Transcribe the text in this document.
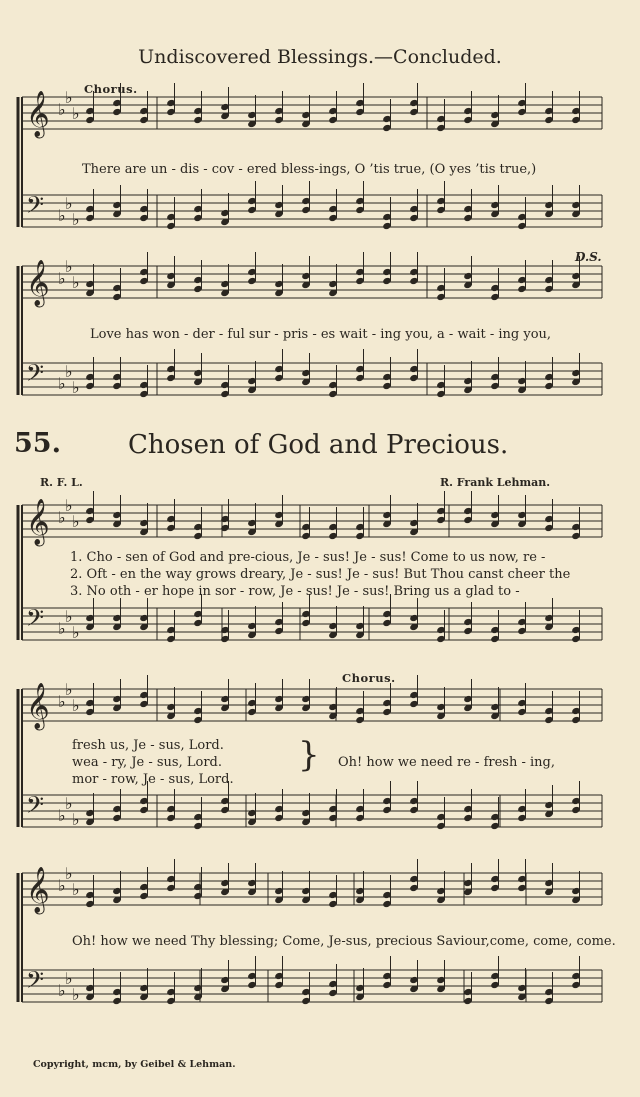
Undiscovered Blessings.—Concluded.
Chorus.
𝄞 ♭
♭
♭
𝄢 ♭
♭
♭
𝄞 ♭
♭
♭
𝄢 ♭
♭
♭
𝄞 ♭
♭
♭
𝄢 ♭
♭
♭
𝄞 ♭
♭
♭
𝄢 ♭
♭
♭
𝄞 ♭
♭
♭
𝄢 ♭
♭
♭
There are un - dis - cov - ered bless-ings, O ’tis true, (O yes ’tis true,)
D.S.
Love has won - der - ful sur - pris - es wait - ing you, a - wait - ing you,
55.	Chosen of God and Precious.
R. F. L.	R. Frank Lehman.
1. Cho - sen of God and pre-cious, Je - sus! Je - sus! Come to us now, re -
2. Oft - en the way grows dreary, Je - sus! Je - sus! But Thou canst cheer the
3. No oth - er hope in sor - row, Je - sus! Je - sus! Bring us a glad to -
Chorus.
fresh us, Je - sus, Lord.
wea - ry, Je - sus, Lord.
mor - row, Je - sus, Lord.
} Oh! how we need re - fresh - ing,
Oh! how we need Thy blessing; Come, Je-sus, precious Saviour,come, come, come.
Copyright, mcm, by Geibel & Lehman.
